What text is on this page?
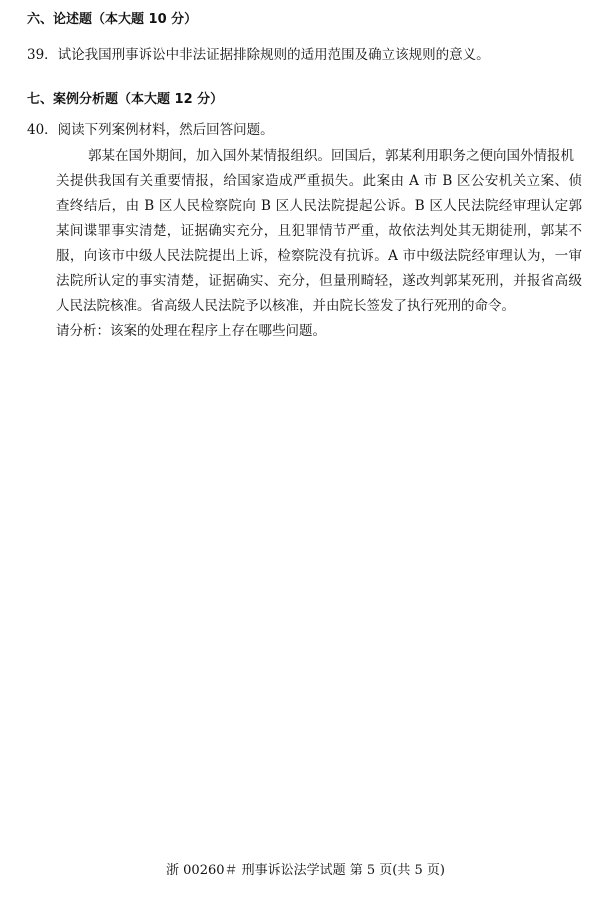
六、论述题（本大题 10 分）
39．试论我国刑事诉讼中非法证据排除规则的适用范围及确立该规则的意义。
七、案例分析题（本大题 12 分）
40．阅读下列案例材料，然后回答问题。
郭某在国外期间，加入国外某情报组织。回国后，郭某利用职务之便向国外情报机
关提供我国有关重要情报，给国家造成严重损失。此案由 A 市 B 区公安机关立案、侦
查终结后，由 B 区人民检察院向 B 区人民法院提起公诉。B 区人民法院经审理认定郭
某间谍罪事实清楚，证据确实充分，且犯罪情节严重，故依法判处其无期徒刑，郭某不
服，向该市中级人民法院提出上诉，检察院没有抗诉。A 市中级法院经审理认为，一审
法院所认定的事实清楚，证据确实、充分，但量刑畸轻，遂改判郭某死刑，并报省高级
人民法院核准。省高级人民法院予以核准，并由院长签发了执行死刑的命令。
请分析：该案的处理在程序上存在哪些问题。
浙 00260＃ 刑事诉讼法学试题 第 5 页(共 5 页)
